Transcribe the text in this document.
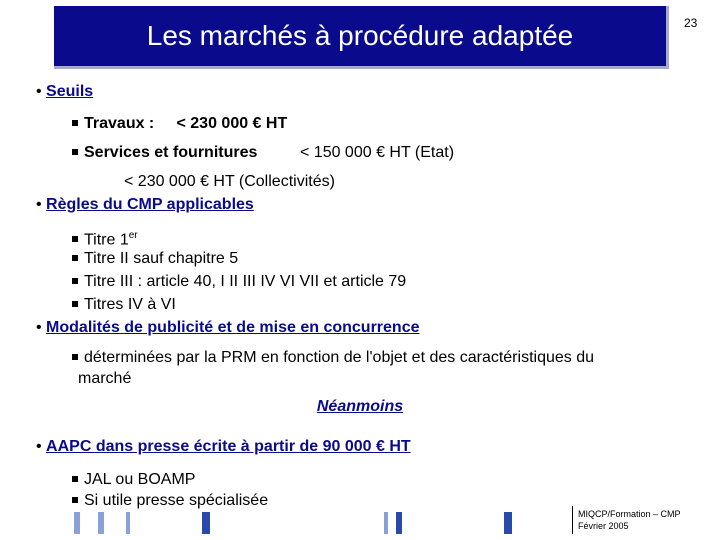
Les marchés à procédure adaptée	23
• Seuils
Travaux :     < 230 000 € HT
Services et fournitures	< 150 000 € HT (Etat)
< 230 000 € HT (Collectivités)
• Règles du CMP applicables
Titre 1er
Titre II sauf chapitre 5
Titre III : article 40, I II III IV VI VII et article 79
Titres IV à VI
• Modalités de publicité et de mise en concurrence
déterminées par la PRM en fonction de l'objet et des caractéristiques du
marché
Néanmoins
• AAPC dans presse écrite à partir de 90 000 € HT
JAL ou BOAMP
Si utile presse spécialisée
MIQCP/Formation – CMP
Février 2005
